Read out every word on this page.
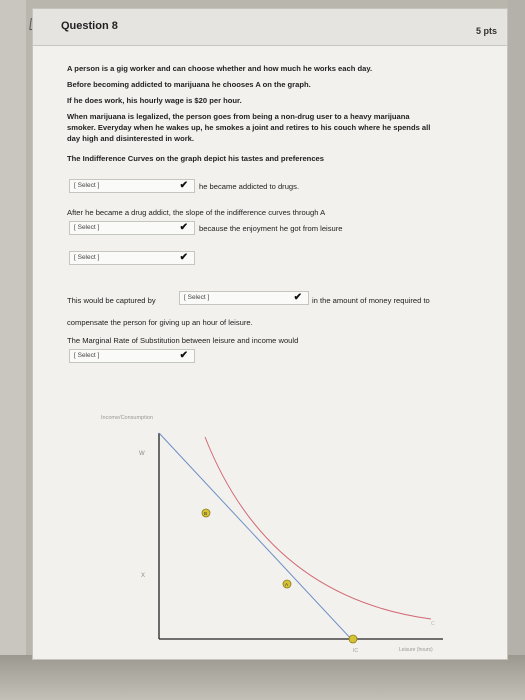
Question 8	5 pts
A person is a gig worker and can choose whether and how much he works each day.
Before becoming addicted to marijuana he chooses A on the graph.
If he does work, his hourly wage is $20 per hour.
When marijuana is legalized, the person goes from being a non-drug user to a heavy marijuana
smoker. Everyday when he wakes up, he smokes a joint and retires to his couch where he spends all
day high and disinterested in work.
The Indifference Curves on the graph depict his tastes and preferences
[ Select ]	✔ he became addicted to drugs.
After he became a drug addict, the slope of the indifference curves through A
[ Select ]	✔ because the enjoyment he got from leisure
[ Select ]	✔
This would be captured by	[ Select ]	✔ in the amount of money required to
compensate the person for giving up an hour of leisure.
The Marginal Rate of Substitution between leisure and income would
[ Select ]	✔
Income/Consumption
W
X
IC	Leisure (hours)
C
B
A
